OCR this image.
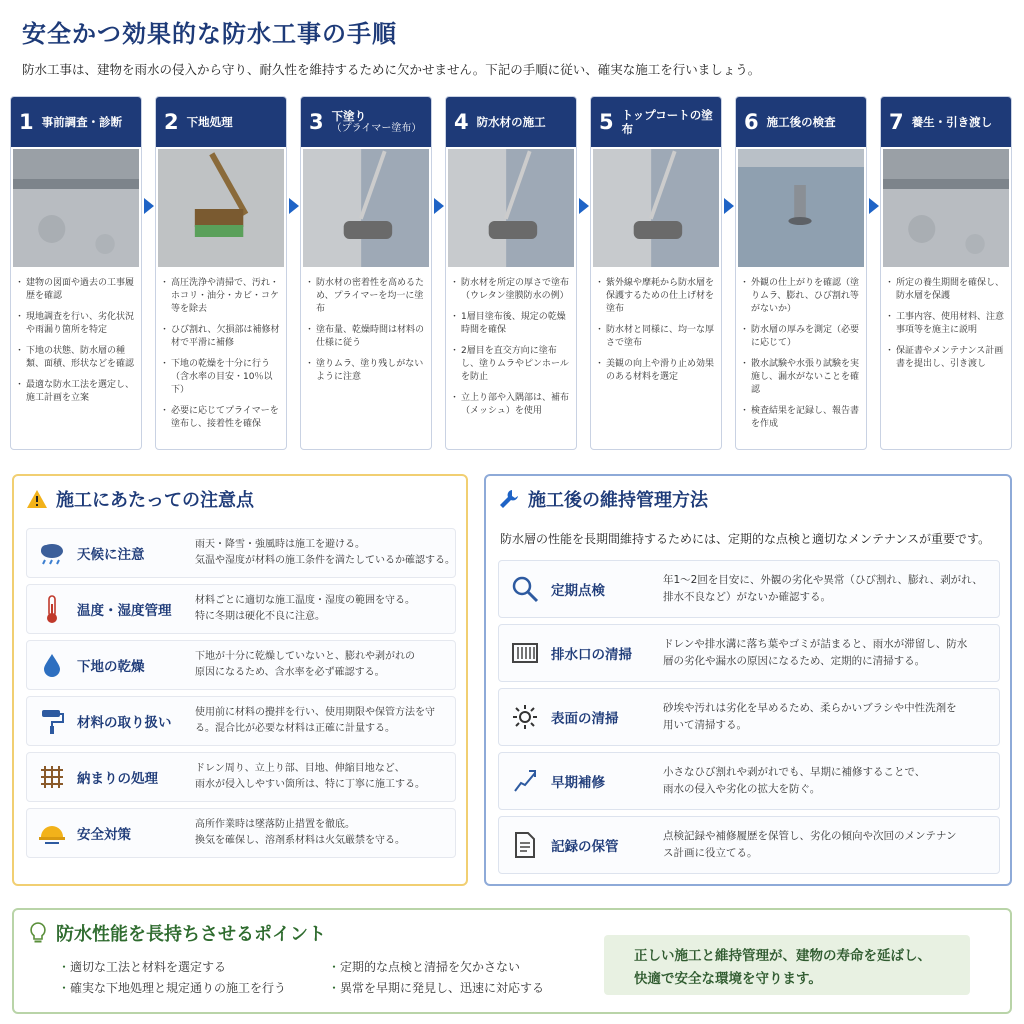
安全かつ効果的な防水工事の手順
防水工事は、建物を雨水の侵入から守り、耐久性を維持するために欠かせません。下記の手順に従い、確実な施工を行いましょう。
1 事前調査・診断
・ 建物の図面や過去の工事履歴を確認
・ 現地調査を行い、劣化状況や雨漏り箇所を特定
・ 下地の状態、防水層の種類、面積、形状などを確認
・ 最適な防水工法を選定し、施工計画を立案
2 下地処理
・ 高圧洗浄や清掃で、汚れ・ホコリ・油分・カビ・コケ等を除去
・ ひび割れ、欠損部は補修材材で平滑に補修
・ 下地の乾燥を十分に行う（含水率の目安・10％以下）
・ 必要に応じてプライマーを塗布し、接着性を確保
3 下塗り
（プライマー塗布）
・ 防水材の密着性を高めるため、プライマーを均一に塗布
・ 塗布量、乾燥時間は材料の仕様に従う
・ 塗りムラ、塗り残しがないように注意
4 防水材の施工
・ 防水材を所定の厚さで塗布（ウレタン塗膜防水の例）
・ 1層目塗布後、規定の乾燥時間を確保
・ 2層目を直交方向に塗布し、塗りムラやピンホールを防止
・ 立上り部や入隅部は、補布（メッシュ）を使用
5 トップコートの塗布
・ 紫外線や摩耗から防水層を保護するための仕上げ材を塗布
・ 防水材と同様に、均一な厚さで塗布
・ 美観の向上や滑り止め効果のある材料を選定
6 施工後の検査
・ 外観の仕上がりを確認（塗りムラ、膨れ、ひび割れ等がないか）
・ 防水層の厚みを測定（必要に応じて）
・ 散水試験や水張り試験を実施し、漏水がないことを確認
・ 検査結果を記録し、報告書を作成
7 養生・引き渡し
・ 所定の養生期間を確保し、防水層を保護
・ 工事内容、使用材料、注意事項等を施主に説明
・ 保証書やメンテナンス計画書を提出し、引き渡し
施工にあたっての注意点
天候に注意
雨天・降雪・強風時は施工を避ける。
気温や湿度が材料の施工条件を満たしているか確認する。
温度・湿度管理
材料ごとに適切な施工温度・湿度の範囲を守る。
特に冬期は硬化不良に注意。
下地の乾燥
下地が十分に乾燥していないと、膨れや剥がれの
原因になるため、含水率を必ず確認する。
材料の取り扱い
使用前に材料の攪拌を行い、使用期限や保管方法を守
る。混合比が必要な材料は正確に計量する。
納まりの処理
ドレン周り、立上り部、目地、伸縮目地など、
雨水が侵入しやすい箇所は、特に丁寧に施工する。
安全対策
高所作業時は墜落防止措置を徹底。
換気を確保し、溶剤系材料は火気厳禁を守る。
施工後の維持管理方法
防水層の性能を長期間維持するためには、定期的な点検と適切なメンテナンスが重要です。
定期点検
年1〜2回を目安に、外観の劣化や異常（ひび割れ、膨れ、剥がれ、
排水不良など）がないか確認する。
排水口の清掃
ドレンや排水溝に落ち葉やゴミが詰まると、雨水が滞留し、防水
層の劣化や漏水の原因になるため、定期的に清掃する。
表面の清掃
砂埃や汚れは劣化を早めるため、柔らかいブラシや中性洗剤を
用いて清掃する。
早期補修
小さなひび割れや剥がれでも、早期に補修することで、
雨水の侵入や劣化の拡大を防ぐ。
記録の保管
点検記録や補修履歴を保管し、劣化の傾向や次回のメンテナン
ス計画に役立てる。
防水性能を長持ちさせるポイント
・ 適切な工法と材料を選定する
・ 確実な下地処理と規定通りの施工を行う
・ 定期的な点検と清掃を欠かさない
・ 異常を早期に発見し、迅速に対応する
正しい施工と維持管理が、建物の寿命を延ばし、
快適で安全な環境を守ります。
